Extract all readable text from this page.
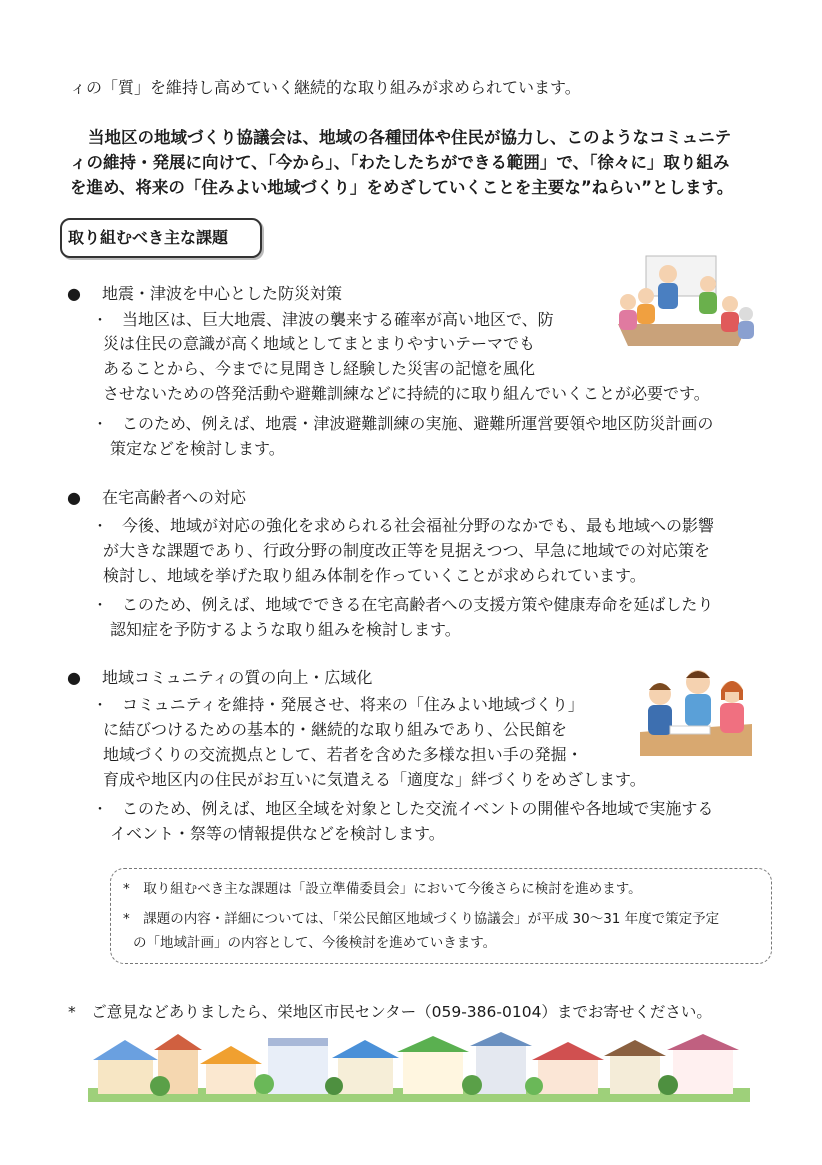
ィの「質」を維持し高めていく継続的な取り組みが求められています。
当地区の地域づくり協議会は、地域の各種団体や住民が協力し、このようなコミュニテ
ィの維持・発展に向けて、「今から」、「わたしたちができる範囲」で、「徐々に」取り組み
を進め、将来の「住みよい地域づくり」をめざしていくことを主要な”ねらい”とします。
取り組むべき主な課題
● 地震・津波を中心とした防災対策
・ 当地区は、巨大地震、津波の襲来する確率が高い地区で、防
災は住民の意識が高く地域としてまとまりやすいテーマでも
あることから、今までに見聞きし経験した災害の記憶を風化
させないための啓発活動や避難訓練などに持続的に取り組んでいくことが必要です。
・ このため、例えば、地震・津波避難訓練の実施、避難所運営要領や地区防災計画の
策定などを検討します。
● 在宅高齢者への対応
・ 今後、地域が対応の強化を求められる社会福祉分野のなかでも、最も地域への影響
が大きな課題であり、行政分野の制度改正等を見据えつつ、早急に地域での対応策を
検討し、地域を挙げた取り組み体制を作っていくことが求められています。
・ このため、例えば、地域でできる在宅高齢者への支援方策や健康寿命を延ばしたり
認知症を予防するような取り組みを検討します。
● 地域コミュニティの質の向上・広域化
・ コミュニティを維持・発展させ、将来の「住みよい地域づくり」
に結びつけるための基本的・継続的な取り組みであり、公民館を
地域づくりの交流拠点として、若者を含めた多様な担い手の発掘・
育成や地区内の住民がお互いに気遣える「適度な」絆づくりをめざします。
・ このため、例えば、地区全域を対象とした交流イベントの開催や各地域で実施する
イベント・祭等の情報提供などを検討します。
*　取り組むべき主な課題は「設立準備委員会」において今後さらに検討を進めます。
*　課題の内容・詳細については、「栄公民館区地域づくり協議会」が平成 30～31 年度で策定予定
の「地域計画」の内容として、今後検討を進めていきます。
*　ご意見などありましたら、栄地区市民センター（059-386-0104）までお寄せください。
